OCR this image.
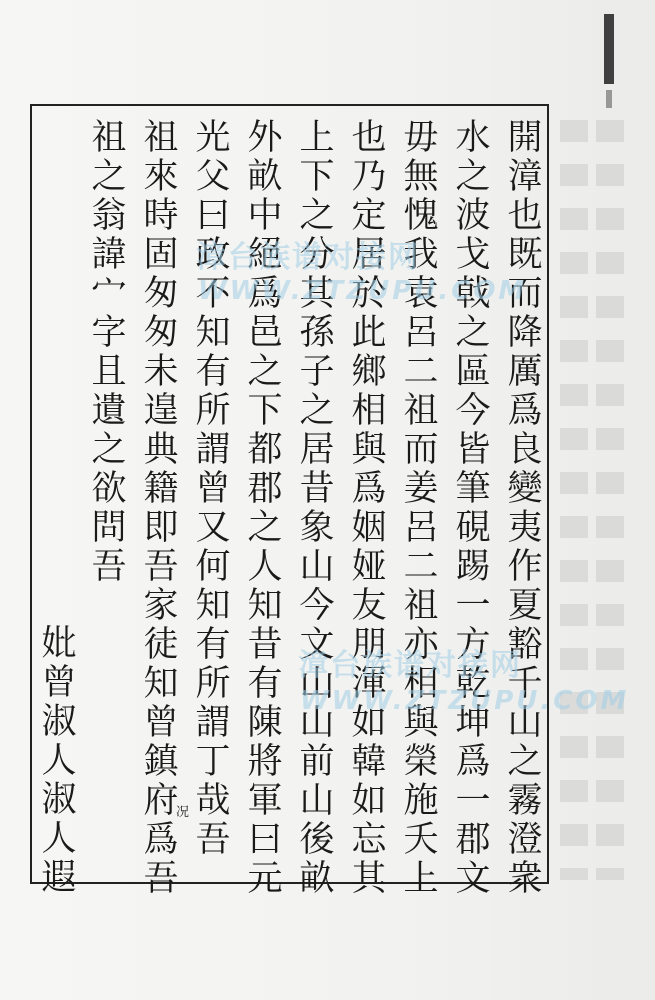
開漳也既而降厲爲良變夷作夏豁千山之霧澄衆
水之波戈戟之區今皆筆硯踢一方乾坤爲一郡文
毋無愧我袁呂二祖而姜呂二祖亦相與榮施夭上
也乃定居於此鄉相與爲姻娅友朋渾如韓如忘其
上下之分其孫子之居昔象山今文山山前山後畝
外畝中絕爲邑之下都郡之人知昔有陳將軍曰元
光父曰政不知有所謂曾又何知有所謂丁哉吾
祖來時固匆匆未遑典籍即吾家徒知曾鎮府爲吾
祖之翁諱宀字且遺之欲問吾
妣曾淑人淑人遐	况
漳台族谱对接网
WWW.ZTZUPU.COM
漳台族谱对接网
WWW.ZTZUPU.COM
